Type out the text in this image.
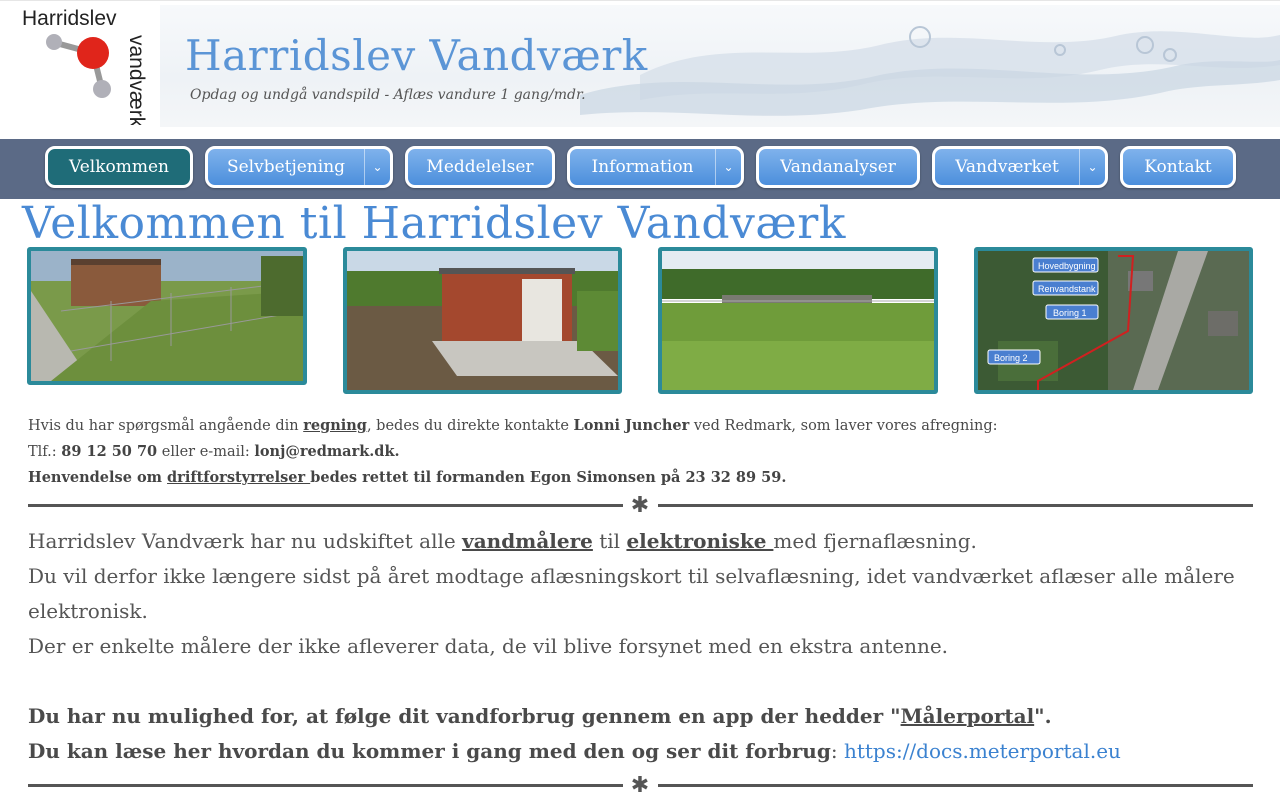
Harridslev
vandværk Harridslev Vandværk
Opdag og undgå vandspild - Aflæs vandure 1 gang/mdr.
Velkommen	Selvbetjening	⌄	Meddelelser	Information	⌄	Vandanalyser	Vandværket	⌄	Kontakt
Velkommen til Harridslev Vandværk
Hovedbygning
Renvandstank
Boring 1
Boring 2
Hvis du har spørgsmål angående din regning, bedes du direkte kontakte Lonni Juncher ved Redmark, som laver vores afregning:
Tlf.: 89 12 50 70 eller e-mail: lonj@redmark.dk.
Henvendelse om driftforstyrrelser bedes rettet til formanden Egon Simonsen på 23 32 89 59.
✱
Harridslev Vandværk har nu udskiftet alle vandmålere til elektroniske med fjernaflæsning.
Du vil derfor ikke længere sidst på året modtage aflæsningskort til selvaflæsning, idet vandværket aflæser alle målere elektronisk.
Der er enkelte målere der ikke afleverer data, de vil blive forsynet med en ekstra antenne.
Du har nu mulighed for, at følge dit vandforbrug gennem en app der hedder "Målerportal".
Du kan læse her hvordan du kommer i gang med den og ser dit forbrug: https://docs.meterportal.eu
✱
